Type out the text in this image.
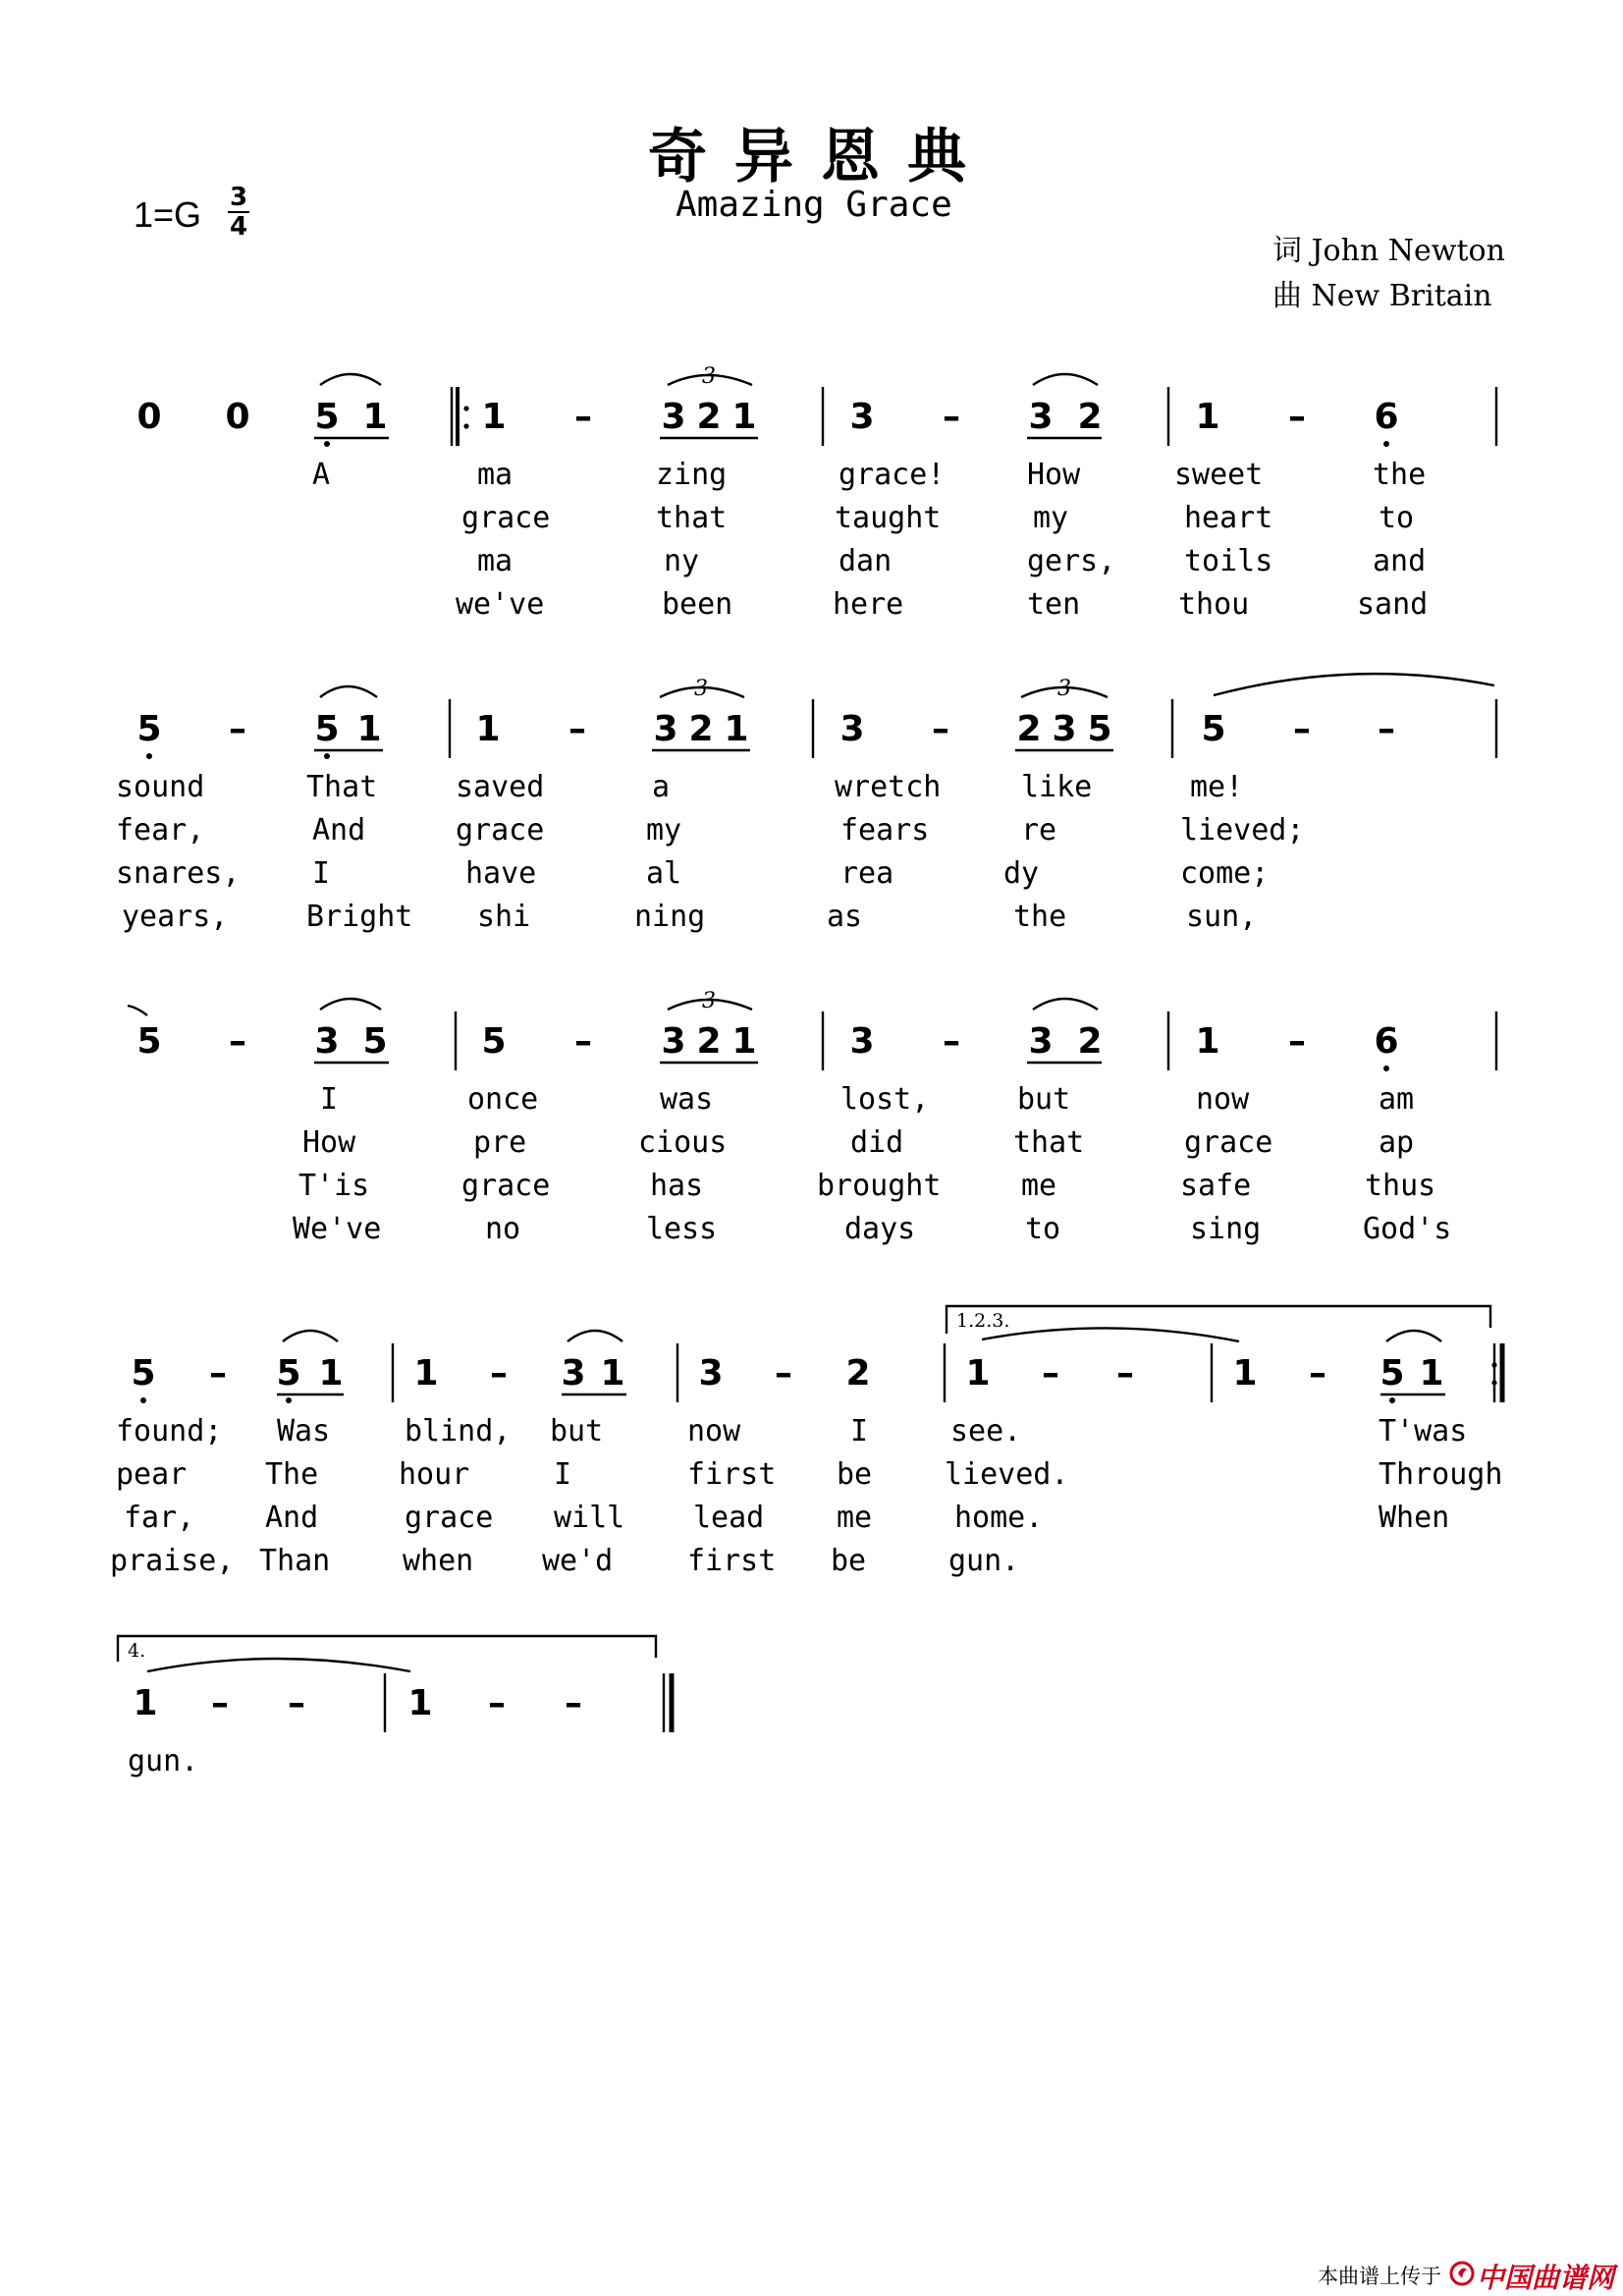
奇异恩典
Amazing Grace
词 John Newton
曲 New Britain
1=G 3
4
0 0 5 1	1 – 3 2 1	3 – 3 2	1 – 6
A	ma	zing	grace!	How	sweet	the
grace	that	taught	my	heart	to
ma	ny	dan	gers, toils	and
we've	been	here	ten	thou	sand
5 – 5 1	1 – 3 2 1	3 – 2 3 5	5 – –
sound	That	saved	a	wretch	like	me!
fear,	And	grace	my	fears	re	lieved;
snares, I	have	al	rea	dy	come;
years,	Bright shi	ning	as	the	sun,
5 – 3 5	5 – 3 2 1	3 – 3 2	1 – 6
I	once	was	lost,	but	now	am
How	pre	cious	did	that	grace	ap
T'is	grace	has	brought	me	safe	thus
We've	no	less	days	to	sing	God's
1.2.3.
5 – 5 1 1 – 3 1 3 – 2	1 – –	1 – 5 1
found; Was	blind, but	now	I	see.	T'was
pear	The	hour	I	first be lieved.	Through
far, And	grace will lead me	home.	When
praise, Than when we'd	first be	gun.
4.
1 – –	1 – –
gun.
本曲谱上传于 中国曲谱网
3
3	3
3
